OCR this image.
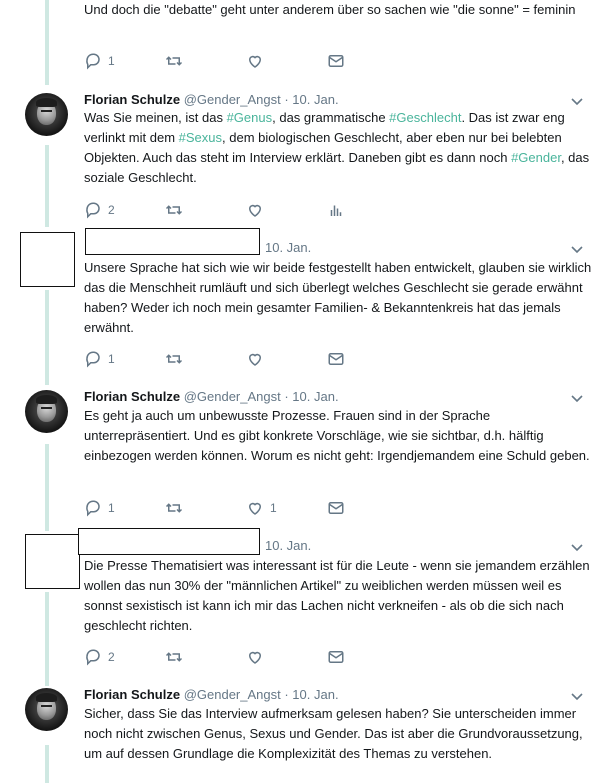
Und doch die "debatte" geht unter anderem über so sachen wie "die sonne" = feminin
1
Florian Schulze @Gender_Angst · 10. Jan.
Was Sie meinen, ist das #Genus, das grammatische #Geschlecht. Das ist zwar eng verlinkt mit dem #Sexus, dem biologischen Geschlecht, aber eben nur bei belebten Objekten. Auch das steht im Interview erklärt. Daneben gibt es dann noch #Gender, das soziale Geschlecht.
2
10. Jan.
Unsere Sprache hat sich wie wir beide festgestellt haben entwickelt, glauben sie wirklich das die Menschheit rumläuft und sich überlegt welches Geschlecht sie gerade erwähnt haben? Weder ich noch mein gesamter Familien- & Bekanntenkreis hat das jemals erwähnt.
1
Florian Schulze @Gender_Angst · 10. Jan.
Es geht ja auch um unbewusste Prozesse. Frauen sind in der Sprache unterrepräsentiert. Und es gibt konkrete Vorschläge, wie sie sichtbar, d.h. hälftig einbezogen werden können. Worum es nicht geht: Irgendjemandem eine Schuld geben.
1	1
10. Jan.
Die Presse Thematisiert was interessant ist für die Leute - wenn sie jemandem erzählen wollen das nun 30% der "männlichen Artikel" zu weiblichen werden müssen weil es sonnst sexistisch ist kann ich mir das Lachen nicht verkneifen - als ob die sich nach geschlecht richten.
2
Florian Schulze @Gender_Angst · 10. Jan.
Sicher, dass Sie das Interview aufmerksam gelesen haben? Sie unterscheiden immer noch nicht zwischen Genus, Sexus und Gender. Das ist aber die Grundvoraussetzung, um auf dessen Grundlage die Komplexizität des Themas zu verstehen.
